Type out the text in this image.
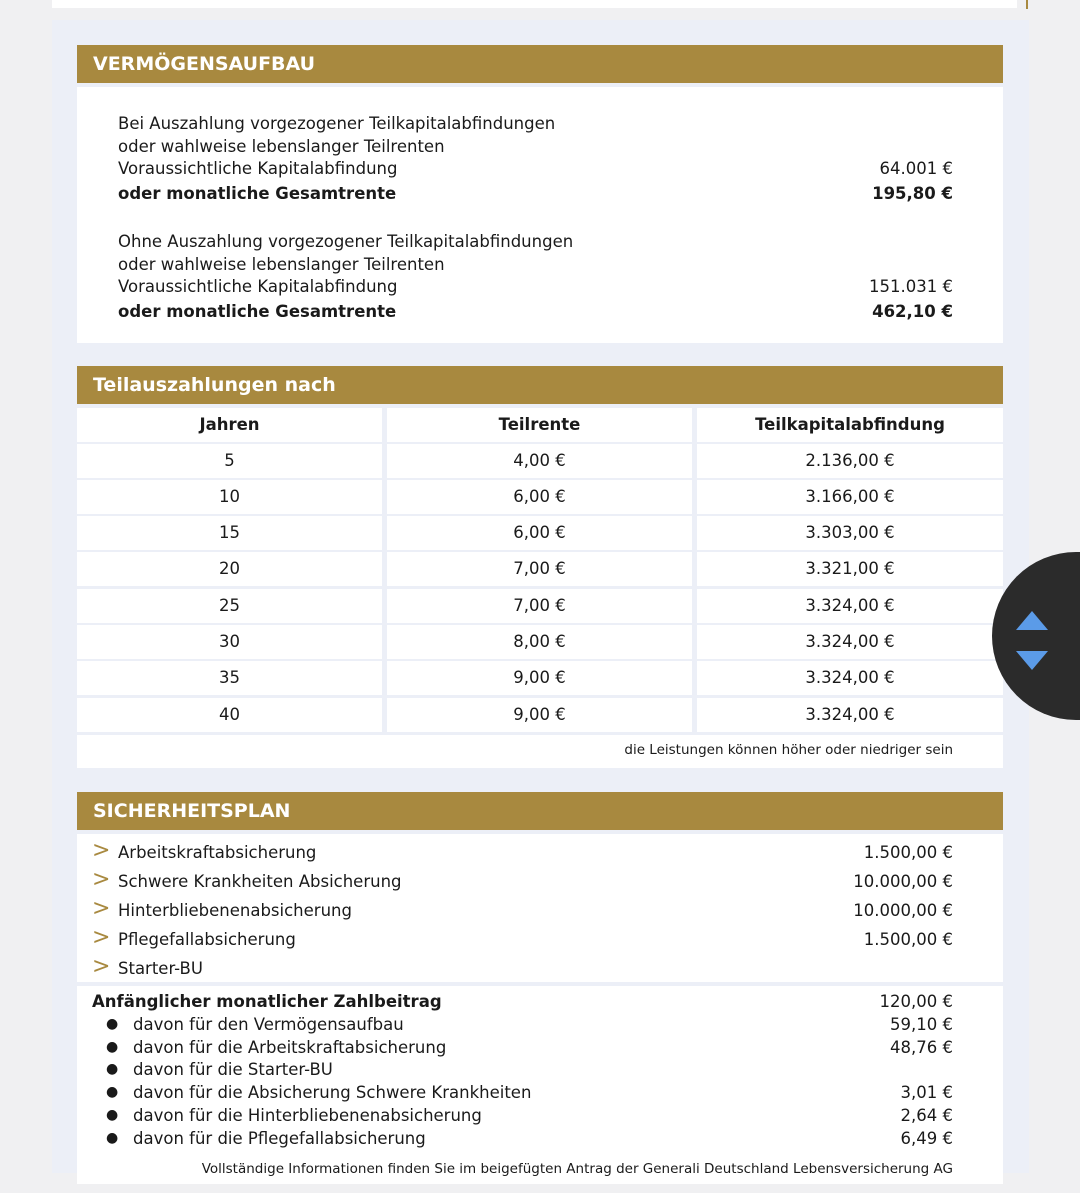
VERMÖGENSAUFBAU
Bei Auszahlung vorgezogener Teilkapitalabfindungen
oder wahlweise lebenslanger Teilrenten
Voraussichtliche Kapitalabfindung	64.001 €
oder monatliche Gesamtrente	195,80 €
Ohne Auszahlung vorgezogener Teilkapitalabfindungen
oder wahlweise lebenslanger Teilrenten
Voraussichtliche Kapitalabfindung	151.031 €
oder monatliche Gesamtrente	462,10 €
Teilauszahlungen nach
Jahren	Teilrente	Teilkapitalabfindung
5	4,00 €	2.136,00 €
10	6,00 €	3.166,00 €
15	6,00 €	3.303,00 €
20	7,00 €	3.321,00 €
25	7,00 €	3.324,00 €
30	8,00 €	3.324,00 €
35	9,00 €	3.324,00 €
40	9,00 €	3.324,00 €
die Leistungen können höher oder niedriger sein
SICHERHEITSPLAN
> Arbeitskraftabsicherung	1.500,00 €
> Schwere Krankheiten Absicherung	10.000,00 €
> Hinterbliebenenabsicherung	10.000,00 €
> Pflegefallabsicherung	1.500,00 €
> Starter-BU
Anfänglicher monatlicher Zahlbeitrag	120,00 €
● davon für den Vermögensaufbau	59,10 €
● davon für die Arbeitskraftabsicherung	48,76 €
● davon für die Starter-BU
● davon für die Absicherung Schwere Krankheiten	3,01 €
● davon für die Hinterbliebenenabsicherung	2,64 €
● davon für die Pflegefallabsicherung	6,49 €
Vollständige Informationen finden Sie im beigefügten Antrag der Generali Deutschland Lebensversicherung AG
